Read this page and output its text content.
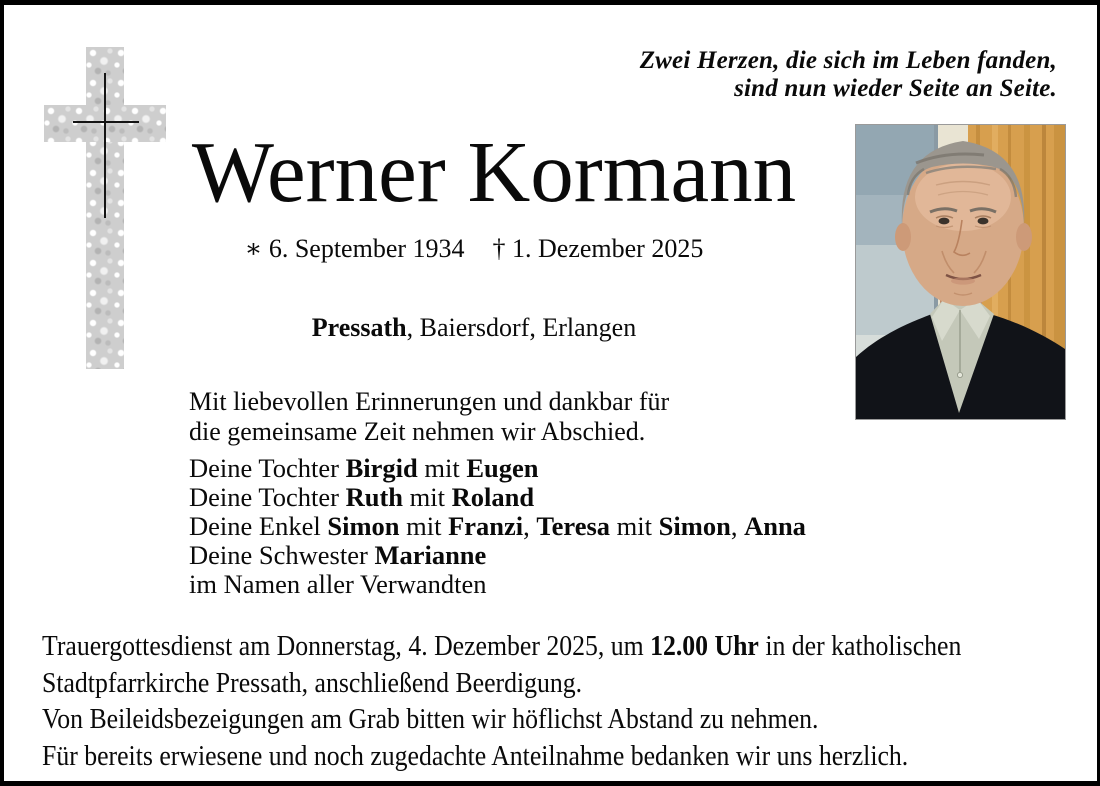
Zwei Herzen, die sich im Leben fanden,
sind nun wieder Seite an Seite.
Werner Kormann
∗ 6. September 1934 † 1. Dezember 2025
Pressath, Baiersdorf, Erlangen
Mit liebevollen Erinnerungen und dankbar für
die gemeinsame Zeit nehmen wir Abschied.
Deine Tochter Birgid mit Eugen
Deine Tochter Ruth mit Roland
Deine Enkel Simon mit Franzi, Teresa mit Simon, Anna
Deine Schwester Marianne
im Namen aller Verwandten
Trauergottesdienst am Donnerstag, 4. Dezember 2025, um 12.00 Uhr in der katholischen
Stadtpfarrkirche Pressath, anschließend Beerdigung.
Von Beileidsbezeigungen am Grab bitten wir höflichst Abstand zu nehmen.
Für bereits erwiesene und noch zugedachte Anteilnahme bedanken wir uns herzlich.
